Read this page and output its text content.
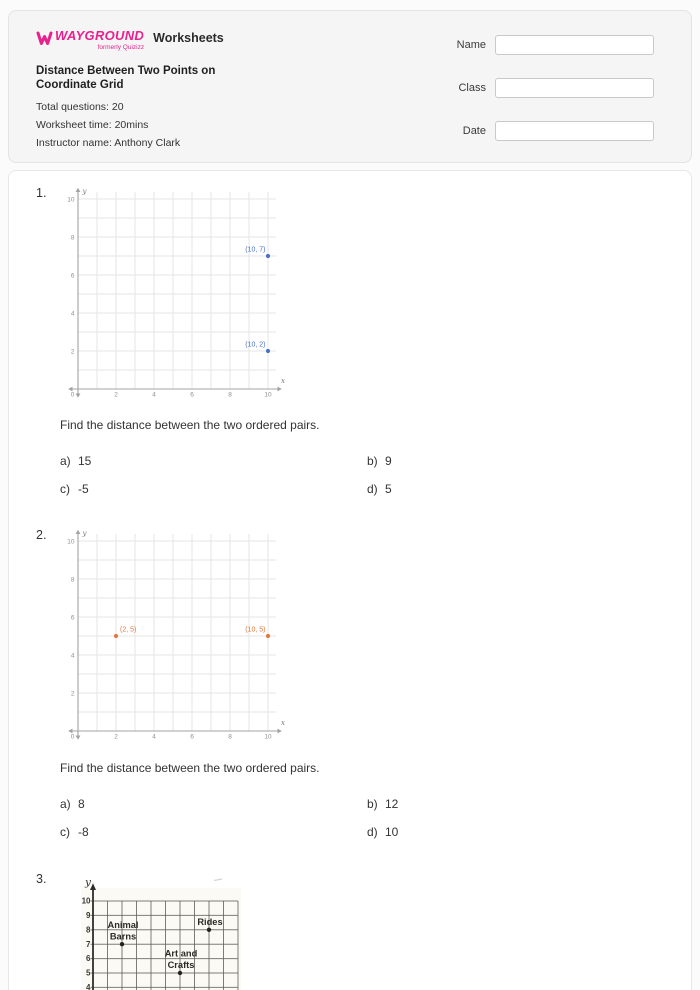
WAYGROUND
formerly Quizizz
Worksheets
Distance Between Two Points on Coordinate Grid
Total questions: 20
Worksheet time: 20mins
Instructor name: Anthony Clark
Name
Class
Date
1.
0	2	4	6	8	10
2
4
6
8
10
y
x
(10, 7)
(10, 2)
Find the distance between the two ordered pairs.
a) 15	b) 9
c) -5	d) 5
2.
0	2	4	6	8	10
2
4
6
8
10
y
x
(2, 5)	(10, 5)
Find the distance between the two ordered pairs.
a) 8	b) 12
c) -8	d) 10
3.	y
10
9
8
7
6
5
4
Animal
Barns
Rides
Art and
Crafts
